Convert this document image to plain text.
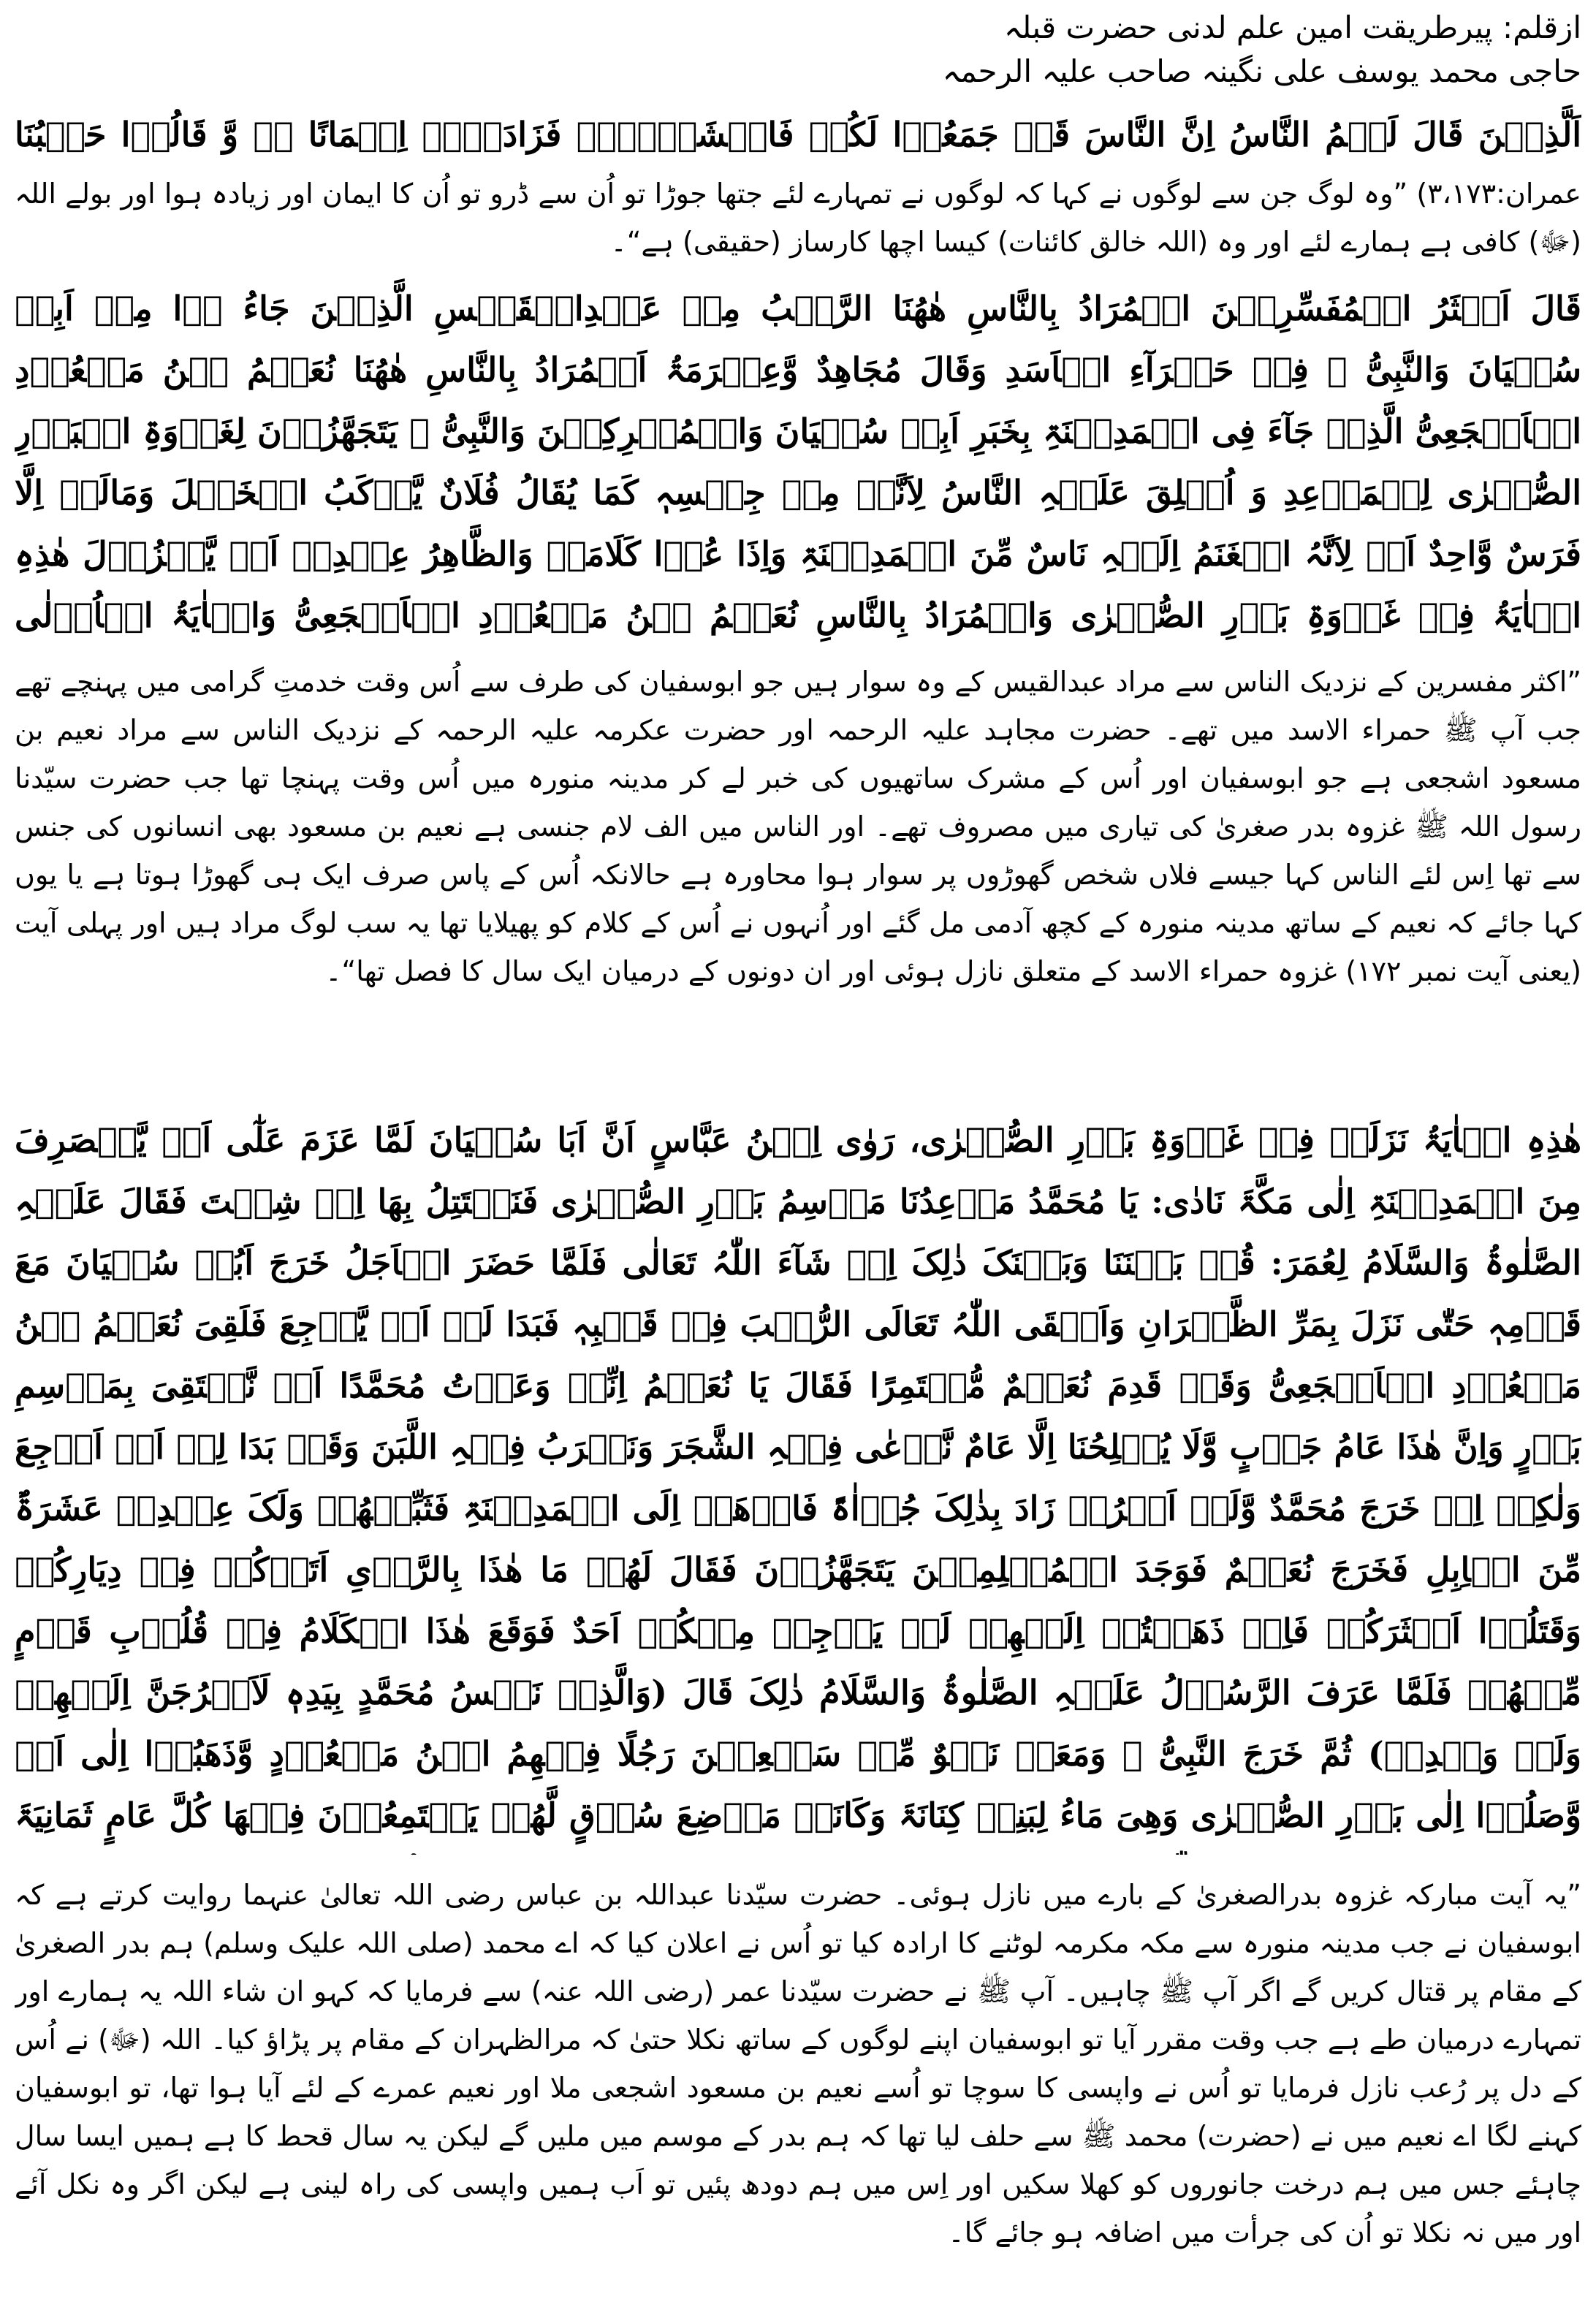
ازقلم: پیرطریقت امین علم لدنی حضرت قبلہ
حاجی محمد یوسف علی نگینہ صاحب علیہ الرحمہ
اَلَّذِیۡنَ قَالَ لَہُمُ النَّاسُ اِنَّ النَّاسَ قَدۡ جَمَعُوۡا لَکُمۡ فَاخۡشَوۡہُمۡ فَزَادَہُمۡ اِیۡمَانًا ٭ۖ وَّ قَالُوۡا حَسۡبُنَا
عمران:۳،۱۷۳) ”وہ لوگ جن سے لوگوں نے کہا کہ لوگوں نے تمہارے لئے جتھا جوڑا تو اُن سے ڈرو تو اُن کا ایمان اور زیادہ ہوا اور بولے اللہ (ﷻ) کافی ہے ہمارے لئے اور وہ (اللہ خالق کائنات) کیسا اچھا کارساز (حقیقی) ہے“۔
قَالَ اَکۡثَرُ الۡمُفَسِّرِیۡنَ الۡمُرَادُ بِالنَّاسِ ھٰھُنَا الرَّکۡبُ مِنۡ عَبۡدِالۡقَیۡسِ الَّذِیۡنَ جَاءُ وۡا مِنۡ اَبِیۡ سُفۡیَانَ وَالنَّبِیُّ ﷺ فِیۡ حَمۡرَآءِ الۡاَسَدِ وَقَالَ مُجَاھِدٌ وَّعِکۡرَمَۃُ اَلۡمُرَادُ بِالنَّاسِ ھٰھُنَا نُعَیۡمُ بۡنُ مَسۡعُوۡدِ الۡاَشۡجَعِیُّ الَّذِیۡ جَآءَ فِی الۡمَدِیۡنَۃِ بِخَبَرِ اَبِیۡ سُفۡیَانَ وَالۡمُشۡرِکِیۡنَ وَالنَّبِیُّ ﷺ یَتَجَھَّزُوۡنَ لِغَزۡوَۃِ الۡبَدۡرِ الصُّغۡرٰی لِلۡمَوۡعِدِ وَ اُطۡلِقَ عَلَیۡہِ النَّاسُ لِاَنَّہٗ مِنۡ جِنۡسِہٖ کَمَا یُقَالُ فُلَانٌ یَّرۡکَبُ الۡخَیۡلَ وَمَالَہٗ اِلَّا فَرَسٌ وَّاحِدٌ اَوۡ لِاَنَّہُ الۡغَنَمُ اِلَیۡہِ نَاسٌ مِّنَ الۡمَدِیۡنَۃِ وَاِذَا عُوۡا کَلَامَہٗ وَالظَّاھِرُ عِنۡدِیۡ اَنۡ یَّنۡزُوۡلَ ھٰذِہِ الۡاٰیَۃُ فِیۡ غَزۡوَۃِ بَدۡرِ الصُّغۡرٰی وَالۡمُرَادُ بِالنَّاسِ نُعَیۡمُ بۡنُ مَسۡعُوۡدِ الۡاَشۡجَعِیُّ وَالۡاٰیَۃُ الۡاُوۡلٰی
”اکثر مفسرین کے نزدیک الناس سے مراد عبدالقیس کے وہ سوار ہیں جو ابوسفیان کی طرف سے اُس وقت خدمتِ گرامی میں پہنچے تھے جب آپ ﷺ حمراء الاسد میں تھے۔ حضرت مجاہد علیہ الرحمہ اور حضرت عکرمہ علیہ الرحمہ کے نزدیک الناس سے مراد نعیم بن مسعود اشجعی ہے جو ابوسفیان اور اُس کے مشرک ساتھیوں کی خبر لے کر مدینہ منورہ میں اُس وقت پہنچا تھا جب حضرت سیّدنا رسول اللہ ﷺ غزوہ بدر صغریٰ کی تیاری میں مصروف تھے۔ اور الناس میں الف لام جنسی ہے نعیم بن مسعود بھی انسانوں کی جنس سے تھا اِس لئے الناس کہا جیسے فلاں شخص گھوڑوں پر سوار ہوا محاورہ ہے حالانکہ اُس کے پاس صرف ایک ہی گھوڑا ہوتا ہے یا یوں کہا جائے کہ نعیم کے ساتھ مدینہ منورہ کے کچھ آدمی مل گئے اور اُنہوں نے اُس کے کلام کو پھیلایا تھا یہ سب لوگ مراد ہیں اور پہلی آیت (یعنی آیت نمبر ۱۷۲) غزوہ حمراء الاسد کے متعلق نازل ہوئی اور ان دونوں کے درمیان ایک سال کا فصل تھا“۔
ھٰذِہِ الۡاٰیَۃُ نَزَلَتۡ فِیۡ غَزۡوَۃِ بَدۡرِ الصُّغۡرٰی، رَوٰی اِبۡنُ عَبَّاسٍ اَنَّ اَبَا سُفۡیَانَ لَمَّا عَزَمَ عَلٰٓی اَنۡ یَّنۡصَرِفَ مِنَ الۡمَدِیۡنَۃِ اِلٰی مَکَّۃَ نَادٰی: یَا مُحَمَّدُ مَوۡعِدُنَا مَوۡسِمُ بَدۡرِ الصُّغۡرٰی فَنَقۡتَتِلُ بِھَا اِنۡ شِئۡتَ فَقَالَ عَلَیۡہِ الصَّلٰوۃُ وَالسَّلَامُ لِعُمَرَ: قُلۡ بَیۡنَنَا وَبَیۡنَکَ ذٰلِکَ اِنۡ شَآءَ اللّٰہُ تَعَالٰی فَلَمَّا حَضَرَ الۡاَجَلُ خَرَجَ اَبُوۡ سُفۡیَانَ مَعَ قَوۡمِہٖ حَتّٰی نَزَلَ بِمَرِّ الظَّھۡرَانِ وَاَلۡقَی اللّٰہُ تَعَالَی الرُّعۡبَ فِیۡ قَلۡبِہٖ فَبَدَا لَہٗ اَنۡ یَّرۡجِعَ فَلَقِیَ نُعَیۡمُ بۡنُ مَسۡعُوۡدِ الۡاَشۡجَعِیُّ وَقَدۡ قَدِمَ نُعَیۡمٌ مُّعۡتَمِرًا فَقَالَ یَا نُعَیۡمُ اِنِّیۡ وَعَدۡتُ مُحَمَّدًا اَنۡ نَّلۡتَقِیَ بِمَوۡسِمِ بَدۡرٍ وَاِنَّ ھٰذَا عَامُ جَدۡبٍ وَّلَا یُصۡلِحُنَا اِلَّا عَامٌ نَّرۡعٰی فِیۡہِ الشَّجَرَ وَنَشۡرَبُ فِیۡہِ اللَّبَنَ وَقَدۡ بَدَا لِیۡ اَنۡ اَرۡجِعَ وَلٰکِنۡ اِنۡ خَرَجَ مُحَمَّدٌ وَّلَمۡ اَخۡرُجۡ زَادَ بِذٰلِکَ جُرۡاٰۃً فَاذۡھَبۡ اِلَی الۡمَدِیۡنَۃِ فَثَبِّطۡھُمۡ وَلَکَ عِنۡدِیۡ عَشَرَۃٌ مِّنَ الۡاِبِلِ فَخَرَجَ نُعَیۡمٌ فَوَجَدَ الۡمُسۡلِمِیۡنَ یَتَجَھَّزُوۡنَ فَقَالَ لَھُمۡ مَا ھٰذَا بِالرَّاۡیِ اَتَوۡکُمۡ فِیۡ دِیَارِکُمۡ وَقَتَلُوۡا اَکۡثَرَکُمۡ فَاِنۡ ذَھَبۡتُمۡ اِلَیۡھِمۡ لَمۡ یَرۡجِعۡ مِنۡکُمۡ اَحَدٌ فَوَقَعَ ھٰذَا الۡکَلَامُ فِیۡ قُلُوۡبِ قَوۡمٍ مِّنۡھُمۡ فَلَمَّا عَرَفَ الرَّسُوۡلُ عَلَیۡہِ الصَّلٰوۃُ وَالسَّلَامُ ذٰلِکَ قَالَ (وَالَّذِیۡ نَفۡسُ مُحَمَّدٍ بِیَدِہٖ لَاَخۡرُجَنَّ اِلَیۡھِمۡ وَلَوۡ وَحۡدِیۡ) ثُمَّ خَرَجَ النَّبِیُّ ﷺ وَمَعَہٗ نَحۡوٌ مِّنۡ سَبۡعِیۡنَ رَجُلًا فِیۡھِمُ ابۡنُ مَسۡعُوۡدٍ وَّذَھَبُوۡا اِلٰی اَنۡ وَّصَلُوۡا اِلٰی بَدۡرِ الصُّغۡرٰی وَھِیَ مَاءُ لِبَنِیۡ کِنَانَۃَ وَکَانَتۡ مَوۡضِعَ سُوۡقٍ لَّھُمۡ یَجۡتَمِعُوۡنَ فِیۡھَا کُلَّ عَامٍ ثَمَانِیَۃَ
”یہ آیت مبارکہ غزوہ بدرالصغریٰ کے بارے میں نازل ہوئی۔ حضرت سیّدنا عبداللہ بن عباس رضی اللہ تعالیٰ عنہما روایت کرتے ہے کہ ابوسفیان نے جب مدینہ منورہ سے مکہ مکرمہ لوٹنے کا ارادہ کیا تو اُس نے اعلان کیا کہ اے محمد (صلی اللہ علیک وسلم) ہم بدر الصغریٰ کے مقام پر قتال کریں گے اگر آپ ﷺ چاہیں۔ آپ ﷺ نے حضرت سیّدنا عمر (رضی اللہ عنہ) سے فرمایا کہ کہو ان شاء اللہ یہ ہمارے اور تمہارے درمیان طے ہے جب وقت مقرر آیا تو ابوسفیان اپنے لوگوں کے ساتھ نکلا حتیٰ کہ مرالظہران کے مقام پر پڑاؤ کیا۔ اللہ (ﷻ) نے اُس کے دل پر رُعب نازل فرمایا تو اُس نے واپسی کا سوچا تو اُسے نعیم بن مسعود اشجعی ملا اور نعیم عمرے کے لئے آیا ہوا تھا، تو ابوسفیان کہنے لگا اے نعیم میں نے (حضرت) محمد ﷺ سے حلف لیا تھا کہ ہم بدر کے موسم میں ملیں گے لیکن یہ سال قحط کا ہے ہمیں ایسا سال چاہئے جس میں ہم درخت جانوروں کو کھلا سکیں اور اِس میں ہم دودھ پئیں تو اَب ہمیں واپسی کی راہ لینی ہے لیکن اگر وہ نکل آئے اور میں نہ نکلا تو اُن کی جرأت میں اضافہ ہو جائے گا۔
